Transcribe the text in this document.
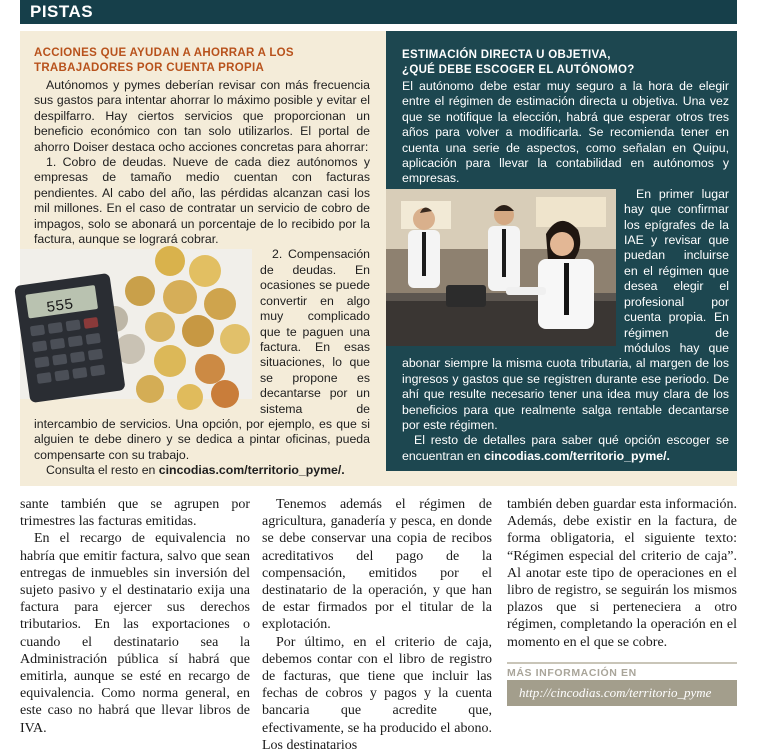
PISTAS
ACCIONES QUE AYUDAN A AHORRAR A LOS TRABAJADORES POR CUENTA PROPIA

Autónomos y pymes deberían revisar con más frecuencia sus gastos para intentar ahorrar lo máximo posible y evitar el despilfarro. Hay ciertos servicios que proporcionan un beneficio económico con tan solo utilizarlos. El portal de ahorro Doiser destaca ocho acciones concretas para ahorrar:

1. Cobro de deudas. Nueve de cada diez autónomos y empresas de tamaño medio cuentan con facturas pendientes. Al cabo del año, las pérdidas alcanzan casi los mil millones. En el caso de contratar un servicio de cobro de impagos, solo se abonará un porcentaje de lo recibido por la factura, aunque se logrará cobrar.

555

2. Compensación de deudas. En ocasiones se puede convertir en algo muy complicado que te paguen una factura. En esas situaciones, lo que se propone es decantarse por un sistema de intercambio de servicios. Una opción, por ejemplo, es que si alguien te debe dinero y se dedica a pintar oficinas, pueda compensarte con su trabajo.

Consulta el resto en cincodias.com/territorio_pyme/.

ESTIMACIÓN DIRECTA U OBJETIVA,
¿QUÉ DEBE ESCOGER EL AUTÓNOMO?

El autónomo debe estar muy seguro a la hora de elegir entre el régimen de estimación directa u objetiva. Una vez que se notifique la elección, habrá que esperar otros tres años para volver a modificarla. Se recomienda tener en cuenta una serie de aspectos, como señalan en Quipu, aplicación para llevar la contabilidad en autónomos y empresas.

En primer lugar hay que confirmar los epígrafes de la IAE y revisar que puedan incluirse en el régimen que desea elegir el profesional por cuenta propia. En régimen de módulos hay que abonar siempre la misma cuota tributaria, al margen de los ingresos y gastos que se registren durante ese periodo. De ahí que resulte necesario tener una idea muy clara de los beneficios para que realmente salga rentable decantarse por este régimen.

El resto de detalles para saber qué opción escoger se encuentran en cincodias.com/territorio_pyme/.

sante también que se agrupen por trimestres las facturas emitidas.

En el recargo de equivalencia no habría que emitir factura, salvo que sean entregas de inmuebles sin inversión del sujeto pasivo y el destinatario exija una factura para ejercer sus derechos tributarios. En las exportaciones o cuando el destinatario sea la Administración pública sí habrá que emitirla, aunque se esté en recargo de equivalencia. Como norma general, en este caso no habrá que llevar libros de IVA.

Tenemos además el régimen de agricultura, ganadería y pesca, en donde se debe conservar una copia de recibos acreditativos del pago de la compensación, emitidos por el destinatario de la operación, y que han de estar firmados por el titular de la explotación.

Por último, en el criterio de caja, debemos contar con el libro de registro de facturas, que tiene que incluir las fechas de cobros y pagos y la cuenta bancaria que acredite que, efectivamente, se ha producido el abono. Los destinatarios

también deben guardar esta información. Además, debe existir en la factura, de forma obligatoria, el siguiente texto: “Régimen especial del criterio de caja”. Al anotar este tipo de operaciones en el libro de registro, se seguirán los mismos plazos que si perteneciera a otro régimen, completando la operación en el momento en el que se cobre.

MÁS INFORMACIÓN EN
http://cincodias.com/territorio_pyme
